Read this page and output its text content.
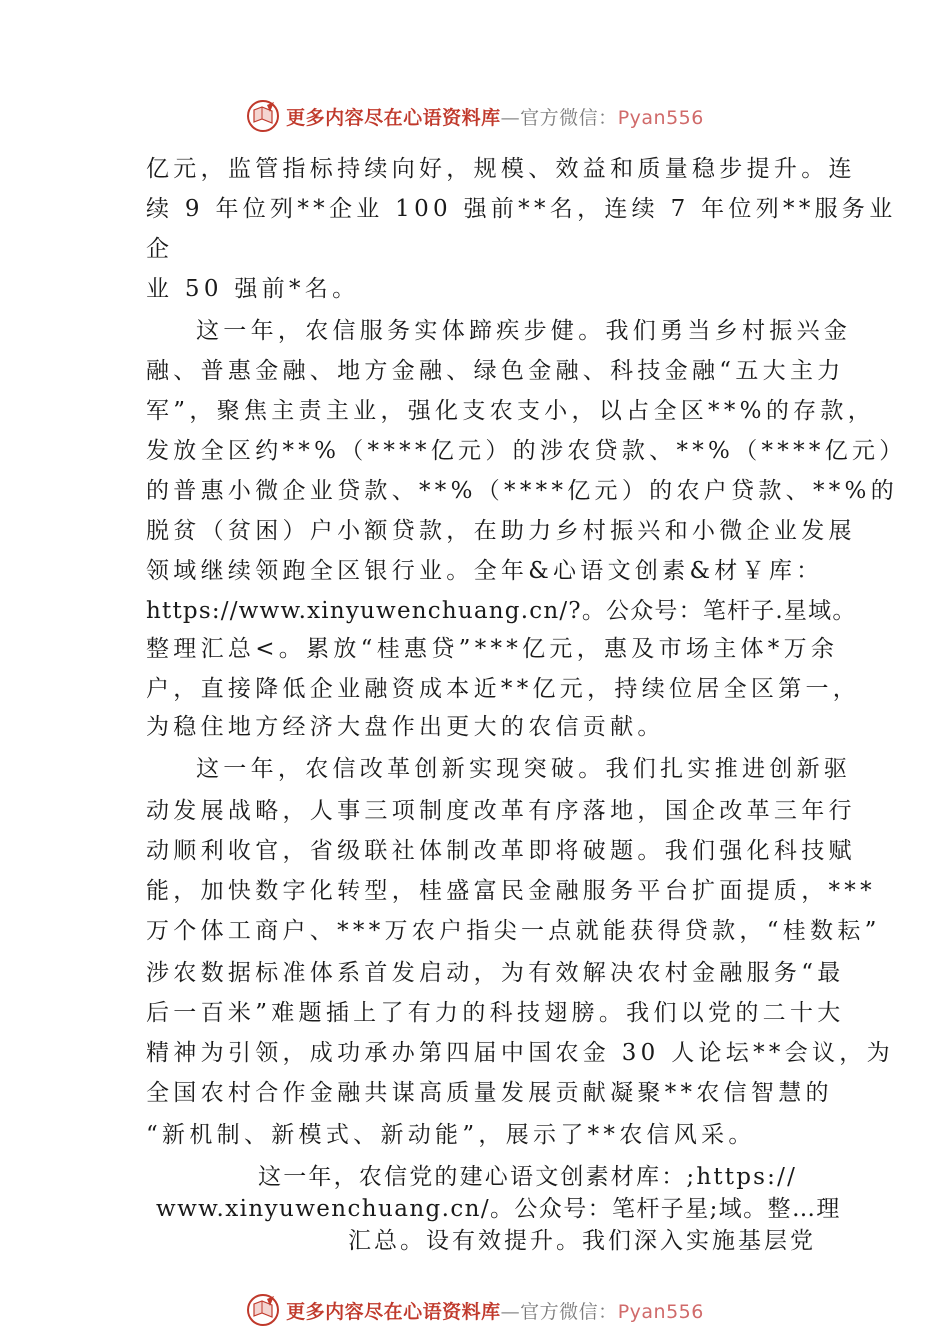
更多内容尽在心语资料库—官方微信：Pyan556

亿元，监管指标持续向好，规模、效益和质量稳步提升。连

续 9 年位列**企业 100 强前**名，连续 7 年位列**服务业

企

业 50 强前*名。

这一年，农信服务实体蹄疾步健。我们勇当乡村振兴金

融、普惠金融、地方金融、绿色金融、科技金融“五大主力

军”，聚焦主责主业，强化支农支小，以占全区**%的存款，

发放全区约**%（****亿元）的涉农贷款、**%（****亿元）

的普惠小微企业贷款、**%（****亿元）的农户贷款、**%的

脱贫（贫困）户小额贷款，在助力乡村振兴和小微企业发展

领域继续领跑全区银行业。全年&心语文创素&材￥库：

https://www.xinyuwenchuang.cn/?。公众号：笔杆子.星域。

整理汇总<。累放“桂惠贷”***亿元，惠及市场主体*万余

户，直接降低企业融资成本近**亿元，持续位居全区第一，

为稳住地方经济大盘作出更大的农信贡献。

这一年，农信改革创新实现突破。我们扎实推进创新驱

动发展战略，人事三项制度改革有序落地，国企改革三年行

动顺利收官，省级联社体制改革即将破题。我们强化科技赋

能，加快数字化转型，桂盛富民金融服务平台扩面提质，***

万个体工商户、***万农户指尖一点就能获得贷款，“桂数耘”

涉农数据标准体系首发启动，为有效解决农村金融服务“最

后一百米”难题插上了有力的科技翅膀。我们以党的二十大

精神为引领，成功承办第四届中国农金 30 人论坛**会议，为

全国农村合作金融共谋高质量发展贡献凝聚**农信智慧的

“新机制、新模式、新动能”，展示了**农信风采。

这一年，农信党的建心语文创素材库：;https://

www.xinyuwenchuang.cn/。公众号：笔杆子星;域。整…理

汇总。设有效提升。我们深入实施基层党

更多内容尽在心语资料库—官方微信：Pyan556
